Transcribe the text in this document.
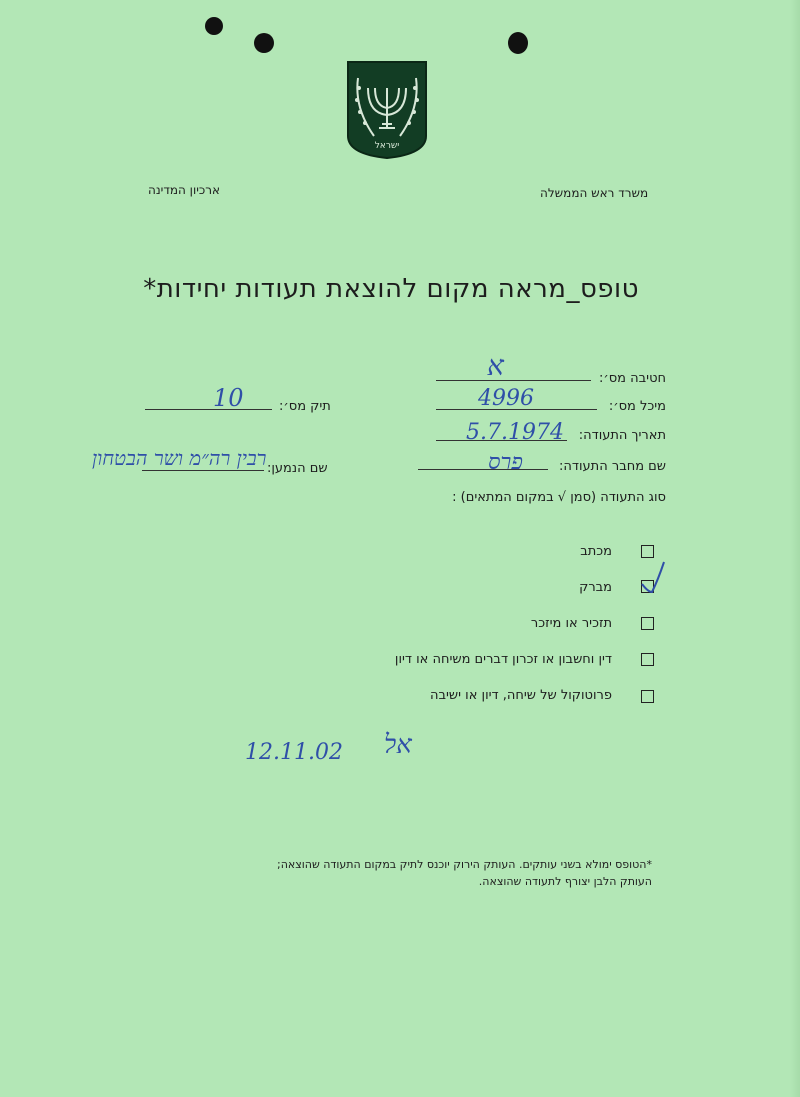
ישראל
ארכיון המדינה	משרד ראש הממשלה
טופס_מראה מקום להוצאת תעודות יחידות*
חטיבה מס׳:
א
מיכל מס׳:
4996
תאריך התעודה:
5.7.1974
שם מחבר התעודה:
פרס
סוג התעודה (סמן √ במקום המתאים) :
תיק מס׳:
10
שם הנמען:
רבין רה״מ ושר הבטחון
מכתב
מברק
תזכיר או מיזכר
דין וחשבון או זכרון דברים משיחה או דיון
פרוטוקול של שיחה, דיון או ישיבה
12.11.02 אל
*הטופס ימולא בשני עותקים. העותק הירוק יוכנס לתיק במקום התעודה שהוצאה;
העותק הלבן יצורף לתעודה שהוצאה.
